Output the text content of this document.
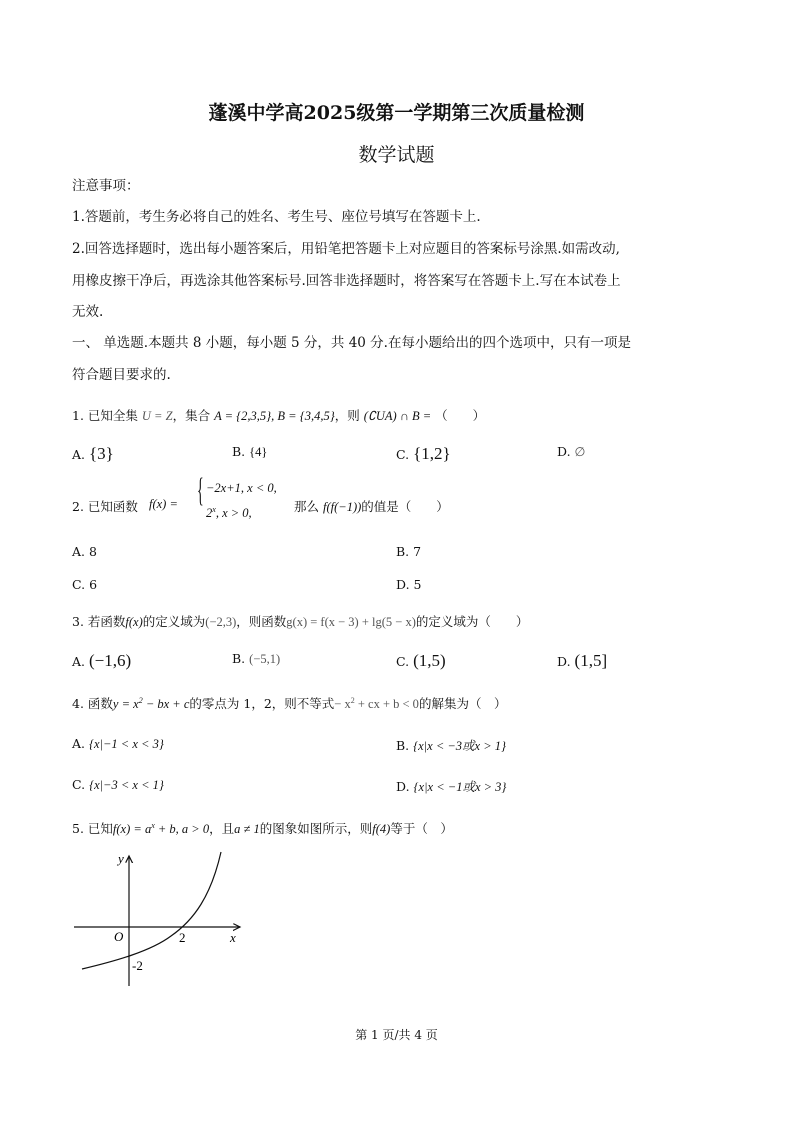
蓬溪中学高2025级第一学期第三次质量检测
数学试题
注意事项：
1.答题前，考生务必将自己的姓名、考生号、座位号填写在答题卡上.
2.回答选择题时，选出每小题答案后，用铅笔把答题卡上对应题目的答案标号涂黑.如需改动,
用橡皮擦干净后，再选涂其他答案标号.回答非选择题时，将答案写在答题卡上.写在本试卷上
无效.
一、 单选题.本题共 8 小题，每小题 5 分，共 40 分.在每小题给出的四个选项中，只有一项是
符合题目要求的.
1. 已知全集 U = Z，集合 A = {2,3,5}, B = {3,4,5}，则 (∁UA) ∩ B = （　　）
A. {3}	B. {4}	C. {1,2}	D. ∅
2. 已知函数 f(x) = { −2x+1, x < 0,
2$^x$, x > 0,	那么 f(f(−1))的值是（　　）
A. 8	B. 7
C. 6	D. 5
3. 若函数f(x)的定义域为(−2,3)，则函数g(x) = f(x − 3) + lg(5 − x)的定义域为（　　）
A. (−1,6)	B. (−5,1)	C. (1,5)	D. (1,5]
4. 函数$y = x^2$ − bx + c的零点为 1，2，则不等式− $x^2$ + cx + b < 0的解集为（　）
A. {x|−1 < x < 3}	B. {x|x < −3或x > 1}
C. {x|−3 < x < 1}	D. {x|x < −1或x > 3}
5. 已知$f(x) = a^x + b$, a > 0，且a ≠ 1的图象如图所示，则f(4)等于（　）
y
x
O	2
-2
第 1 页/共 4 页
